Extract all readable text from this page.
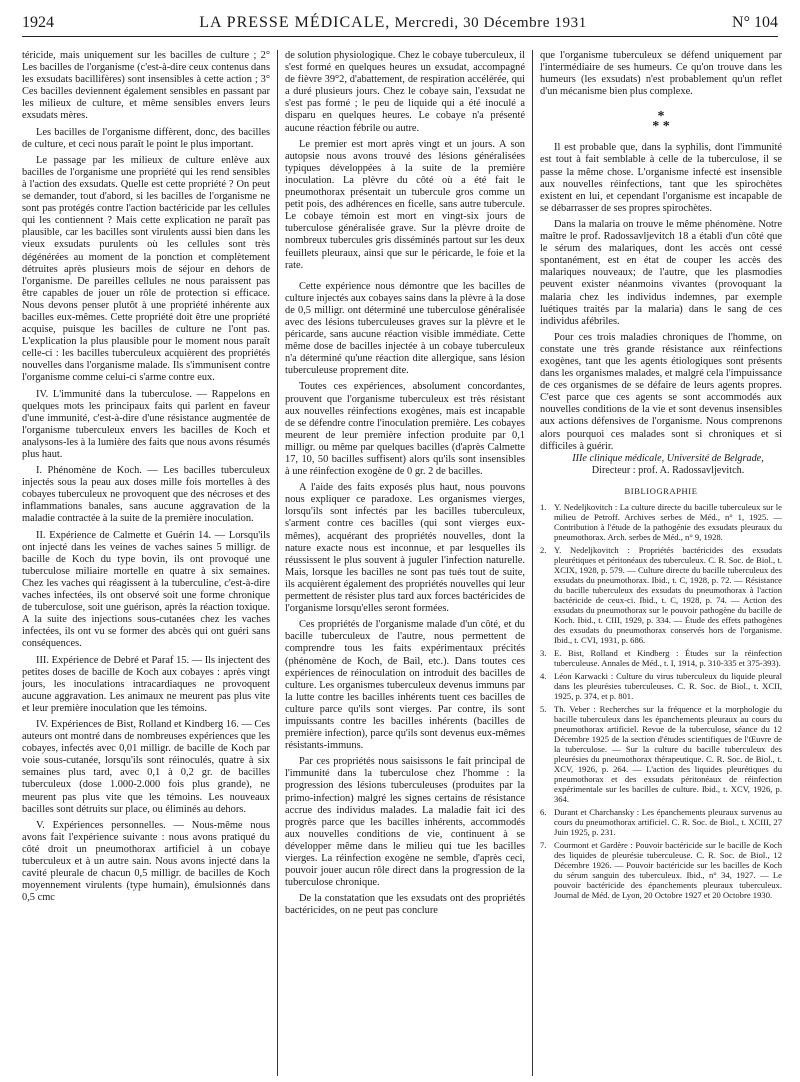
1924	LA PRESSE MÉDICALE, Mercredi, 30 Décembre 1931	N° 104

téricide, mais uniquement sur les bacilles de culture ; 2° Les bacilles de l'organisme (c'est-à-dire ceux contenus dans les exsudats bacillifères) sont insensibles à cette action ; 3° Ces bacilles deviennent également sensibles en passant par les milieux de culture, et même sensibles envers leurs exsudats mères.

Les bacilles de l'organisme diffèrent, donc, des bacilles de culture, et ceci nous paraît le point le plus important.

Le passage par les milieux de culture enlève aux bacilles de l'organisme une propriété qui les rend sensibles à l'action des exsudats. Quelle est cette propriété ? On peut se demander, tout d'abord, si les bacilles de l'organisme ne sont pas protégés contre l'action bactéricide par les cellules qui les contiennent ? Mais cette explication ne paraît pas plausible, car les bacilles sont virulents aussi bien dans les vieux exsudats purulents où les cellules sont très dégénérées au moment de la ponction et complètement détruites après plusieurs mois de séjour en dehors de l'organisme. De pareilles cellules ne nous paraissent pas être capables de jouer un rôle de protection si efficace. Nous devons penser plutôt à une propriété inhérente aux bacilles eux-mêmes. Cette propriété doit être une propriété acquise, puisque les bacilles de culture ne l'ont pas. L'explication la plus plausible pour le moment nous paraît celle-ci : les bacilles tuberculeux acquièrent des propriétés nouvelles dans l'organisme malade. Ils s'immunisent contre l'organisme comme celui-ci s'arme contre eux.

IV. L'immunité dans la tuberculose. — Rappelons en quelques mots les principaux faits qui parlent en faveur d'une immunité, c'est-à-dire d'une résistance augmentée de l'organisme tuberculeux envers les bacilles de Koch et analysons-les à la lumière des faits que nous avons résumés plus haut.

I. Phénomène de Koch. — Les bacilles tuberculeux injectés sous la peau aux doses mille fois mortelles à des cobayes tuberculeux ne provoquent que des nécroses et des inflammations banales, sans aucune aggravation de la maladie contractée à la suite de la première inoculation.

II. Expérience de Calmette et Guérin 14. — Lorsqu'ils ont injecté dans les veines de vaches saines 5 milligr. de bacille de Koch du type bovin, ils ont provoqué une tuberculose miliaire mortelle en quatre à six semaines. Chez les vaches qui réagissent à la tuberculine, c'est-à-dire vaches infectées, ils ont observé soit une forme chronique de tuberculose, soit une guérison, après la réaction toxique. A la suite des injections sous-cutanées chez les vaches infectées, ils ont vu se former des abcès qui ont guéri sans conséquences.

III. Expérience de Debré et Paraf 15. — Ils injectent des petites doses de bacille de Koch aux cobayes : après vingt jours, les inoculations intracardiaques ne provoquent aucune aggravation. Les animaux ne meurent pas plus vite et leur première inoculation que les témoins.

IV. Expériences de Bist, Rolland et Kindberg 16. — Ces auteurs ont montré dans de nombreuses expériences que les cobayes, infectés avec 0,01 milligr. de bacille de Koch par voie sous-cutanée, lorsqu'ils sont réinoculés, quatre à six semaines plus tard, avec 0,1 à 0,2 gr. de bacilles tuberculeux (dose 1.000-2.000 fois plus grande), ne meurent pas plus vite que les témoins. Les nouveaux bacilles sont détruits sur place, ou éliminés au dehors.

V. Expériences personnelles. — Nous-même nous avons fait l'expérience suivante : nous avons pratiqué du côté droit un pneumothorax artificiel à un cobaye tuberculeux et à un autre sain. Nous avons injecté dans la cavité pleurale de chacun 0,5 milligr. de bacilles de Koch moyennement virulents (type humain), émulsionnés dans 0,5 cmc

de solution physiologique. Chez le cobaye tuberculeux, il s'est formé en quelques heures un exsudat, accompagné de fièvre 39°2, d'abattement, de respiration accélérée, qui a duré plusieurs jours. Chez le cobaye sain, l'exsudat ne s'est pas formé ; le peu de liquide qui a été inoculé a disparu en quelques heures. Le cobaye n'a présenté aucune réaction fébrile ou autre.

Le premier est mort après vingt et un jours. A son autopsie nous avons trouvé des lésions généralisées typiques développées à la suite de la première inoculation. La plèvre du côté où a été fait le pneumothorax présentait un tubercule gros comme un petit pois, des adhérences en ficelle, sans autre tubercule. Le cobaye témoin est mort en vingt-six jours de tuberculose généralisée grave. Sur la plèvre droite de nombreux tubercules gris disséminés partout sur les deux feuillets pleuraux, ainsi que sur le péricarde, le foie et la rate.

Cette expérience nous démontre que les bacilles de culture injectés aux cobayes sains dans la plèvre à la dose de 0,5 milligr. ont déterminé une tuberculose généralisée avec des lésions tuberculeuses graves sur la plèvre et le péricarde, sans aucune réaction visible immédiate. Cette même dose de bacilles injectée à un cobaye tuberculeux n'a déterminé qu'une réaction dite allergique, sans lésion tuberculeuse proprement dite.

Toutes ces expériences, absolument concordantes, prouvent que l'organisme tuberculeux est très résistant aux nouvelles réinfections exogènes, mais est incapable de se défendre contre l'inoculation première. Les cobayes meurent de leur première infection produite par 0,1 milligr. ou même par quelques bacilles (d'après Calmette 17, 10, 50 bacilles suffisent) alors qu'ils sont insensibles à une réinfection exogène de 0 gr. 2 de bacilles.

A l'aide des faits exposés plus haut, nous pouvons nous expliquer ce paradoxe. Les organismes vierges, lorsqu'ils sont infectés par les bacilles tuberculeux, s'arment contre ces bacilles (qui sont vierges eux-mêmes), acquérant des propriétés nouvelles, dont la nature exacte nous est inconnue, et par lesquelles ils réussissent le plus souvent à juguler l'infection naturelle. Mais, lorsque les bacilles ne sont pas tués tout de suite, ils acquièrent également des propriétés nouvelles qui leur permettent de résister plus tard aux forces bactéricides de l'organisme lorsqu'elles seront formées.

Ces propriétés de l'organisme malade d'un côté, et du bacille tuberculeux de l'autre, nous permettent de comprendre tous les faits expérimentaux précités (phénomène de Koch, de Bail, etc.). Dans toutes ces expériences de réinoculation on introduit des bacilles de culture. Les organismes tuberculeux devenus immuns par la lutte contre les bacilles inhérents tuent ces bacilles de culture parce qu'ils sont vierges. Par contre, ils sont impuissants contre les bacilles inhérents (bacilles de première infection), parce qu'ils sont devenus eux-mêmes résistants-immuns.

Par ces propriétés nous saisissons le fait principal de l'immunité dans la tuberculose chez l'homme : la progression des lésions tuberculeuses (produites par la primo-infection) malgré les signes certains de résistance accrue des individus malades. La maladie fait ici des progrès parce que les bacilles inhérents, accommodés aux nouvelles conditions de vie, continuent à se développer même dans le milieu qui tue les bacilles vierges. La réinfection exogène ne semble, d'après ceci, pouvoir jouer aucun rôle direct dans la progression de la tuberculose chronique.

De la constatation que les exsudats ont des propriétés bactéricides, on ne peut pas conclure

que l'organisme tuberculeux se défend uniquement par l'intermédiaire de ses humeurs. Ce qu'on trouve dans les humeurs (les exsudats) n'est probablement qu'un reflet d'un mécanisme bien plus complexe.

*
* *

Il est probable que, dans la syphilis, dont l'immunité est tout à fait semblable à celle de la tuberculose, il se passe la même chose. L'organisme infecté est insensible aux nouvelles réinfections, tant que les spirochètes existent en lui, et cependant l'organisme est incapable de se débarrasser de ses propres spirochètes.

Dans la malaria on trouve le même phénomène. Notre maître le prof. Radossavljevitch 18 a établi d'un côté que le sérum des malariques, dont les accès ont cessé spontanément, est en état de couper les accès des malariques nouveaux; de l'autre, que les plasmodies peuvent exister néanmoins vivantes (provoquant la malaria chez les individus indemnes, par exemple luétiques traités par la malaria) dans le sang de ces individus afébriles.

Pour ces trois maladies chroniques de l'homme, on constate une très grande résistance aux réinfections exogènes, tant que les agents étiologiques sont présents dans les organismes malades, et malgré cela l'impuissance de ces organismes de se défaire de leurs agents propres. C'est parce que ces agents se sont accommodés aux nouvelles conditions de la vie et sont devenus insensibles aux actions défensives de l'organisme. Nous comprenons alors pourquoi ces malades sont si chroniques et si difficiles à guérir.

IIIe clinique médicale, Université de Belgrade,

Directeur : prof. A. Radossavljevitch.

BIBLIOGRAPHIE
1. Y. Nedeljkovitch : La culture directe du bacille tuberculeux sur le milieu de Petroff. Archives serbes de Méd., n° 1, 1925. — Contribution à l'étude de la pathogénie des exsudats pleuraux du pneumothorax. Arch. serbes de Méd., n° 9, 1928.
2. Y. Nedeljkovitch : Propriétés bactéricides des exsudats pleurétiques et péritonéaux des tuberculeux. C. R. Soc. de Biol., t. XCIX, 1928, p. 579. — Culture directe du bacille tuberculeux des exsudats du pneumothorax. Ibid., t. C, 1928, p. 72. — Résistance du bacille tuberculeux des exsudats du pneumothorax à l'action bactéricide de ceux-ci. Ibid., t. C, 1928, p. 74. — Action des exsudats du pneumothorax sur le pouvoir pathogène du bacille de Koch. Ibid., t. CIII, 1929, p. 334. — Étude des effets pathogènes des exsudats du pneumothorax conservés hors de l'organisme. Ibid., t. CVI, 1931, p. 686.
3. E. Bist, Rolland et Kindberg : Études sur la réinfection tuberculeuse. Annales de Méd., t. I, 1914, p. 310-335 et 375-393).
4. Léon Karwacki : Culture du virus tuberculeux du liquide pleural dans les pleurésies tuberculeuses. C. R. Soc. de Biol., t. XCII, 1925, p. 374, et p. 801.
5. Th. Veber : Recherches sur la fréquence et la morphologie du bacille tuberculeux dans les épanchements pleuraux au cours du pneumothorax artificiel. Revue de la tuberculose, séance du 12 Décembre 1925 de la section d'études scientifiques de l'Œuvre de la tuberculose. — Sur la culture du bacille tuberculeux des pleurésies du pneumothorax thérapeutique. C. R. Soc. de Biol., t. XCV, 1926, p. 264. — L'action des liquides pleurétiques du pneumothorax et des exsudats péritonéaux de réinfection expérimentale sur les bacilles de culture. Ibid., t. XCV, 1926, p. 364.
6. Durant et Charchansky : Les épanchements pleuraux survenus au cours du pneumothorax artificiel. C. R. Soc. de Biol., t. XCIII, 27 Juin 1925, p. 231.
7. Courmont et Gardère : Pouvoir bactéricide sur le bacille de Koch des liquides de pleurésie tuberculeuse. C. R. Soc. de Biol., 12 Décembre 1926. — Pouvoir bactéricide sur les bacilles de Koch du sérum sanguin des tuberculeux. Ibid., n° 34, 1927. — Le pouvoir bactéricide des épanchements pleuraux tuberculeux. Journal de Méd. de Lyon, 20 Octobre 1927 et 20 Octobre 1930.
